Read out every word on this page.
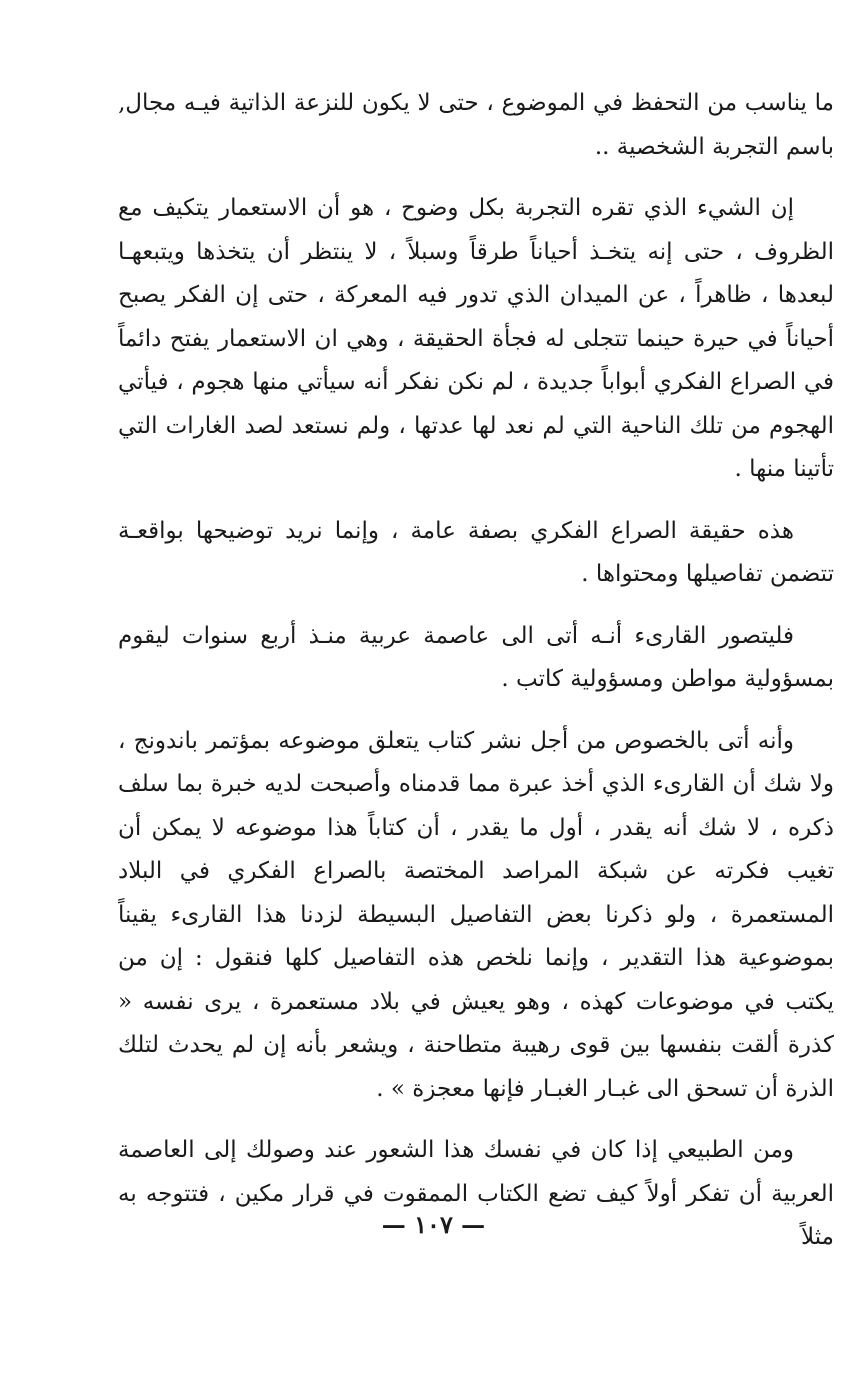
ما يناسب من التحفظ في الموضوع ، حتى لا يكون للنزعة الذاتية فيـه مجال‚ باسم التجربة الشخصية ..

إن الشيء الذي تقره التجربة بكل وضوح ، هو أن الاستعمار يتكيف مع الظروف ، حتى إنه يتخـذ أحياناً طرقاً وسبلاً ، لا ينتظر أن يتخذها ويتبعهـا لبعدها ، ظاهراً ، عن الميدان الذي تدور فيه المعركة ، حتى إن الفكر يصبح أحياناً في حيرة حينما تتجلى له فجأة الحقيقة ، وهي ان الاستعمار يفتح دائماً في الصراع الفكري أبواباً جديدة ، لم نكن نفكر أنه سيأتي منها هجوم ، فيأتي الهجوم من تلك الناحية التي لم نعد لها عدتها ، ولم نستعد لصد الغارات التي تأتينا منها .

هذه حقيقة الصراع الفكري بصفة عامة ، وإنما نريد توضيحها بواقعـة تتضمن تفاصيلها ومحتواها .

فليتصور القارىء أنـه أتى الى عاصمة عربية منـذ أربع سنوات ليقوم بمسؤولية مواطن ومسؤولية كاتب .

وأنه أتى بالخصوص من أجل نشر كتاب يتعلق موضوعه بمؤتمر باندونج ، ولا شك أن القارىء الذي أخذ عبرة مما قدمناه وأصبحت لديه خبرة بما سلف ذكره ، لا شك أنه يقدر ، أول ما يقدر ، أن كتاباً هذا موضوعه لا يمكن أن تغيب فكرته عن شبكة المراصد المختصة بالصراع الفكري في البلاد المستعمرة ، ولو ذكرنا بعض التفاصيل البسيطة لزدنا هذا القارىء يقيناً بموضوعية هذا التقدير ، وإنما نلخص هذه التفاصيل كلها فنقول : إن من يكتب في موضوعات كهذه ، وهو يعيش في بلاد مستعمرة ، يرى نفسه « كذرة ألقت بنفسها بين قوى رهيبة متطاحنة ، ويشعر بأنه إن لم يحدث لتلك الذرة أن تسحق الى غبـار الغبـار فإنها معجزة » .

ومن الطبيعي إذا كان في نفسك هذا الشعور عند وصولك إلى العاصمة العربية أن تفكر أولاً كيف تضع الكتاب الممقوت في قرار مكين ، فتتوجه به مثلاً

— ١٠٧ —
